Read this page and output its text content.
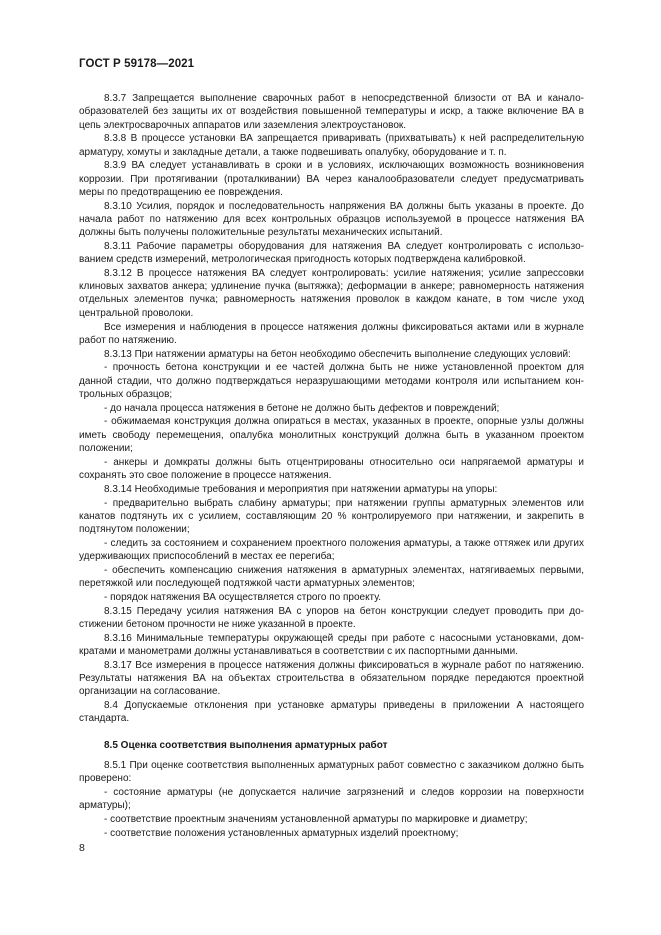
ГОСТ Р 59178—2021

8.3.7 Запрещается выполнение сварочных работ в непосредственной близости от ВА и каналообразователей без защиты их от воздействия повышенной температуры и искр, а также включение ВА в цепь электросварочных аппаратов или заземления электроустановок.

8.3.8 В процессе установки ВА запрещается приваривать (прихватывать) к ней распределительную арматуру, хомуты и закладные детали, а также подвешивать опалубку, оборудование и т. п.

8.3.9 ВА следует устанавливать в сроки и в условиях, исключающих возможность возникновения коррозии. При протягивании (проталкивании) ВА через каналообразователи следует предусматривать меры по предотвращению ее повреждения.

8.3.10 Усилия, порядок и последовательность напряжения ВА должны быть указаны в проекте. До начала работ по натяжению для всех контрольных образцов используемой в процессе натяжения ВА должны быть получены положительные результаты механических испытаний.

8.3.11 Рабочие параметры оборудования для натяжения ВА следует контролировать с использованием средств измерений, метрологическая пригодность которых подтверждена калибровкой.

8.3.12 В процессе натяжения ВА следует контролировать: усилие натяжения; усилие запрессовки клиновых захватов анкера; удлинение пучка (вытяжка); деформации в анкере; равномерность натяжения отдельных элементов пучка; равномерность натяжения проволок в каждом канате, в том числе уход центральной проволоки.

Все измерения и наблюдения в процессе натяжения должны фиксироваться актами или в журнале работ по натяжению.

8.3.13 При натяжении арматуры на бетон необходимо обеспечить выполнение следующих условий:

- прочность бетона конструкции и ее частей должна быть не ниже установленной проектом для данной стадии, что должно подтверждаться неразрушающими методами контроля или испытанием контрольных образцов;

- до начала процесса натяжения в бетоне не должно быть дефектов и повреждений;

- обжимаемая конструкция должна опираться в местах, указанных в проекте, опорные узлы должны иметь свободу перемещения, опалубка монолитных конструкций должна быть в указанном проектом положении;

- анкеры и домкраты должны быть отцентрированы относительно оси напрягаемой арматуры и сохранять это свое положение в процессе натяжения.

8.3.14 Необходимые требования и мероприятия при натяжении арматуры на упоры:

- предварительно выбрать слабину арматуры; при натяжении группы арматурных элементов или канатов подтянуть их с усилием, составляющим 20 % контролируемого при натяжении, и закрепить в подтянутом положении;

- следить за состоянием и сохранением проектного положения арматуры, а также оттяжек или других удерживающих приспособлений в местах ее перегиба;

- обеспечить компенсацию снижения натяжения в арматурных элементах, натягиваемых первыми, перетяжкой или последующей подтяжкой части арматурных элементов;

- порядок натяжения ВА осуществляется строго по проекту.

8.3.15 Передачу усилия натяжения ВА с упоров на бетон конструкции следует проводить при достижении бетоном прочности не ниже указанной в проекте.

8.3.16 Минимальные температуры окружающей среды при работе с насосными установками, домкратами и манометрами должны устанавливаться в соответствии с их паспортными данными.

8.3.17 Все измерения в процессе натяжения должны фиксироваться в журнале работ по натяжению. Результаты натяжения ВА на объектах строительства в обязательном порядке передаются проектной организации на согласование.

8.4 Допускаемые отклонения при установке арматуры приведены в приложении А настоящего стандарта.

8.5 Оценка соответствия выполнения арматурных работ

8.5.1 При оценке соответствия выполненных арматурных работ совместно с заказчиком должно быть проверено:

- состояние арматуры (не допускается наличие загрязнений и следов коррозии на поверхности арматуры);

- соответствие проектным значениям установленной арматуры по маркировке и диаметру;

- соответствие положения установленных арматурных изделий проектному;

8
